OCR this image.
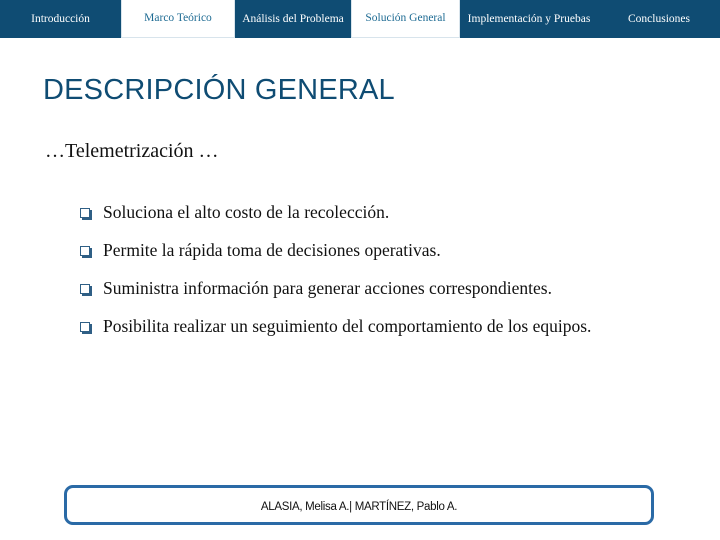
Introducción	Marco Teórico	Análisis del Problema Solución General Implementación y Pruebas	Conclusiones
DESCRIPCIÓN GENERAL
…Telemetrización …
Soluciona el alto costo de la recolección.
Permite la rápida toma de decisiones operativas.
Suministra información para generar acciones correspondientes.
Posibilita realizar un seguimiento del comportamiento de los equipos.
ALASIA, Melisa A.| MARTÍNEZ, Pablo A.
